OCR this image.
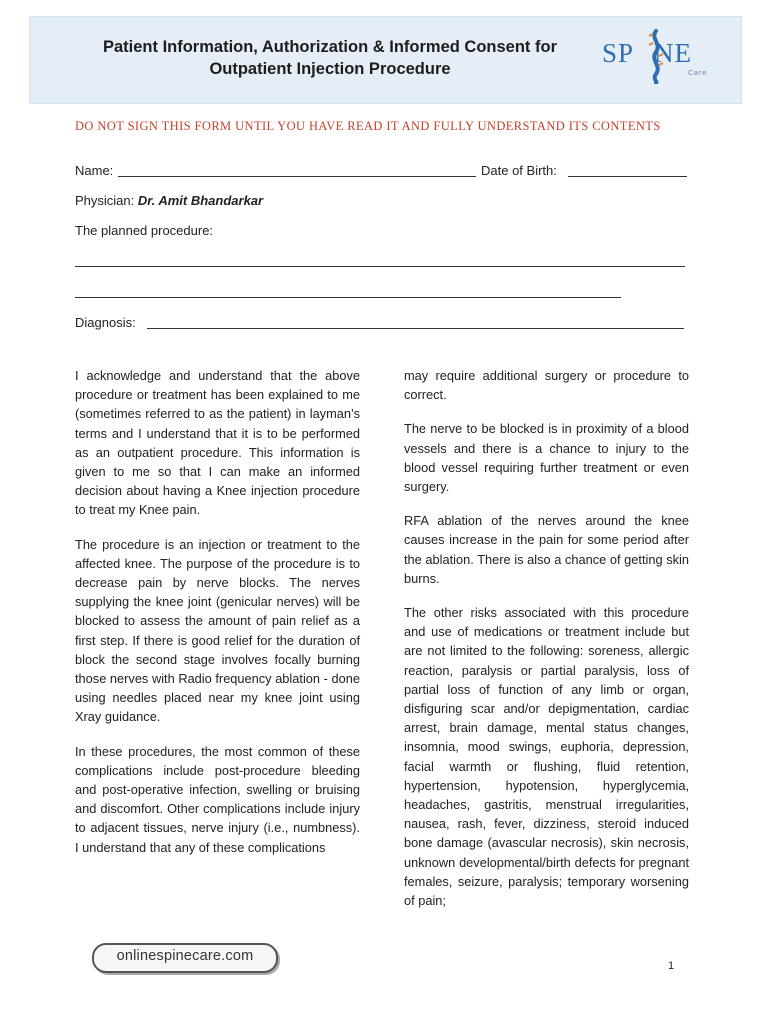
Patient Information, Authorization & Informed Consent for
Outpatient Injection Procedure
SP NE
Care
DO NOT SIGN THIS FORM UNTIL YOU HAVE READ IT AND FULLY UNDERSTAND ITS CONTENTS
Name:	Date of Birth:
Physician: Dr. Amit Bhandarkar
The planned procedure:
Diagnosis:

I acknowledge and understand that the above procedure or treatment has been explained to me (sometimes referred to as the patient) in layman’s terms and I understand that it is to be performed as an outpatient procedure. This information is given to me so that I can make an informed decision about having a Knee injection procedure to treat my Knee pain.

The procedure is an injection or treatment to the affected knee. The purpose of the procedure is to decrease pain by nerve blocks. The nerves supplying the knee joint (genicular nerves) will be blocked to assess the amount of pain relief as a first step. If there is good relief for the duration of block the second stage involves focally burning those nerves with Radio frequency ablation - done using needles placed near my knee joint using Xray guidance.

In these procedures, the most common of these complications include post-procedure bleeding and post-operative infection, swelling or bruising and discomfort. Other complications include injury to adjacent tissues, nerve injury (i.e., numbness). I understand that any of these complications

may require additional surgery or procedure to correct.

The nerve to be blocked is in proximity of a blood vessels and there is a chance to injury to the blood vessel requiring further treatment or even surgery.

RFA ablation of the nerves around the knee causes increase in the pain for some period after the ablation. There is also a chance of getting skin burns.

The other risks associated with this procedure and use of medications or treatment include but are not limited to the following: soreness, allergic reaction, paralysis or partial paralysis, loss of partial loss of function of any limb or organ, disfiguring scar and/or depigmentation, cardiac arrest, brain damage, mental status changes, insomnia, mood swings, euphoria, depression, facial warmth or flushing, fluid retention, hypertension, hypotension, hyperglycemia, headaches, gastritis, menstrual irregularities, nausea, rash, fever, dizziness, steroid induced bone damage (avascular necrosis), skin necrosis, unknown developmental/birth defects for pregnant females, seizure, paralysis; temporary worsening of pain;

onlinespinecare.com
1
